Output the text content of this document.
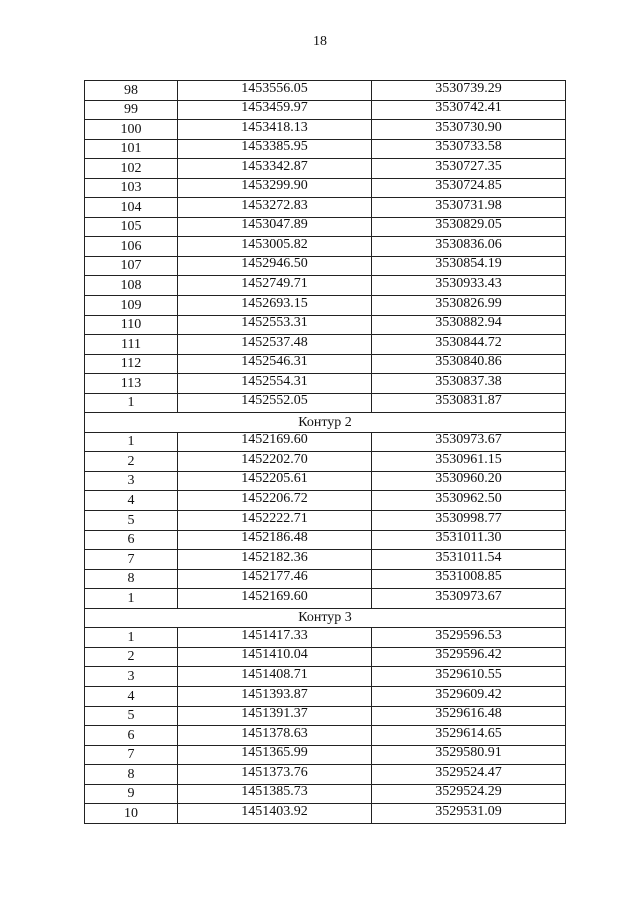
18
98	1453556.05	3530739.29
99	1453459.97	3530742.41
100	1453418.13	3530730.90
101	1453385.95	3530733.58
102	1453342.87	3530727.35
103	1453299.90	3530724.85
104	1453272.83	3530731.98
105	1453047.89	3530829.05
106	1453005.82	3530836.06
107	1452946.50	3530854.19
108	1452749.71	3530933.43
109	1452693.15	3530826.99
110	1452553.31	3530882.94
111	1452537.48	3530844.72
112	1452546.31	3530840.86
113	1452554.31	3530837.38
1	1452552.05	3530831.87
Контур 2		
1	1452169.60	3530973.67
2	1452202.70	3530961.15
3	1452205.61	3530960.20
4	1452206.72	3530962.50
5	1452222.71	3530998.77
6	1452186.48	3531011.30
7	1452182.36	3531011.54
8	1452177.46	3531008.85
1	1452169.60	3530973.67
Контур 3		
1	1451417.33	3529596.53
2	1451410.04	3529596.42
3	1451408.71	3529610.55
4	1451393.87	3529609.42
5	1451391.37	3529616.48
6	1451378.63	3529614.65
7	1451365.99	3529580.91
8	1451373.76	3529524.47
9	1451385.73	3529524.29
10	1451403.92	3529531.09
